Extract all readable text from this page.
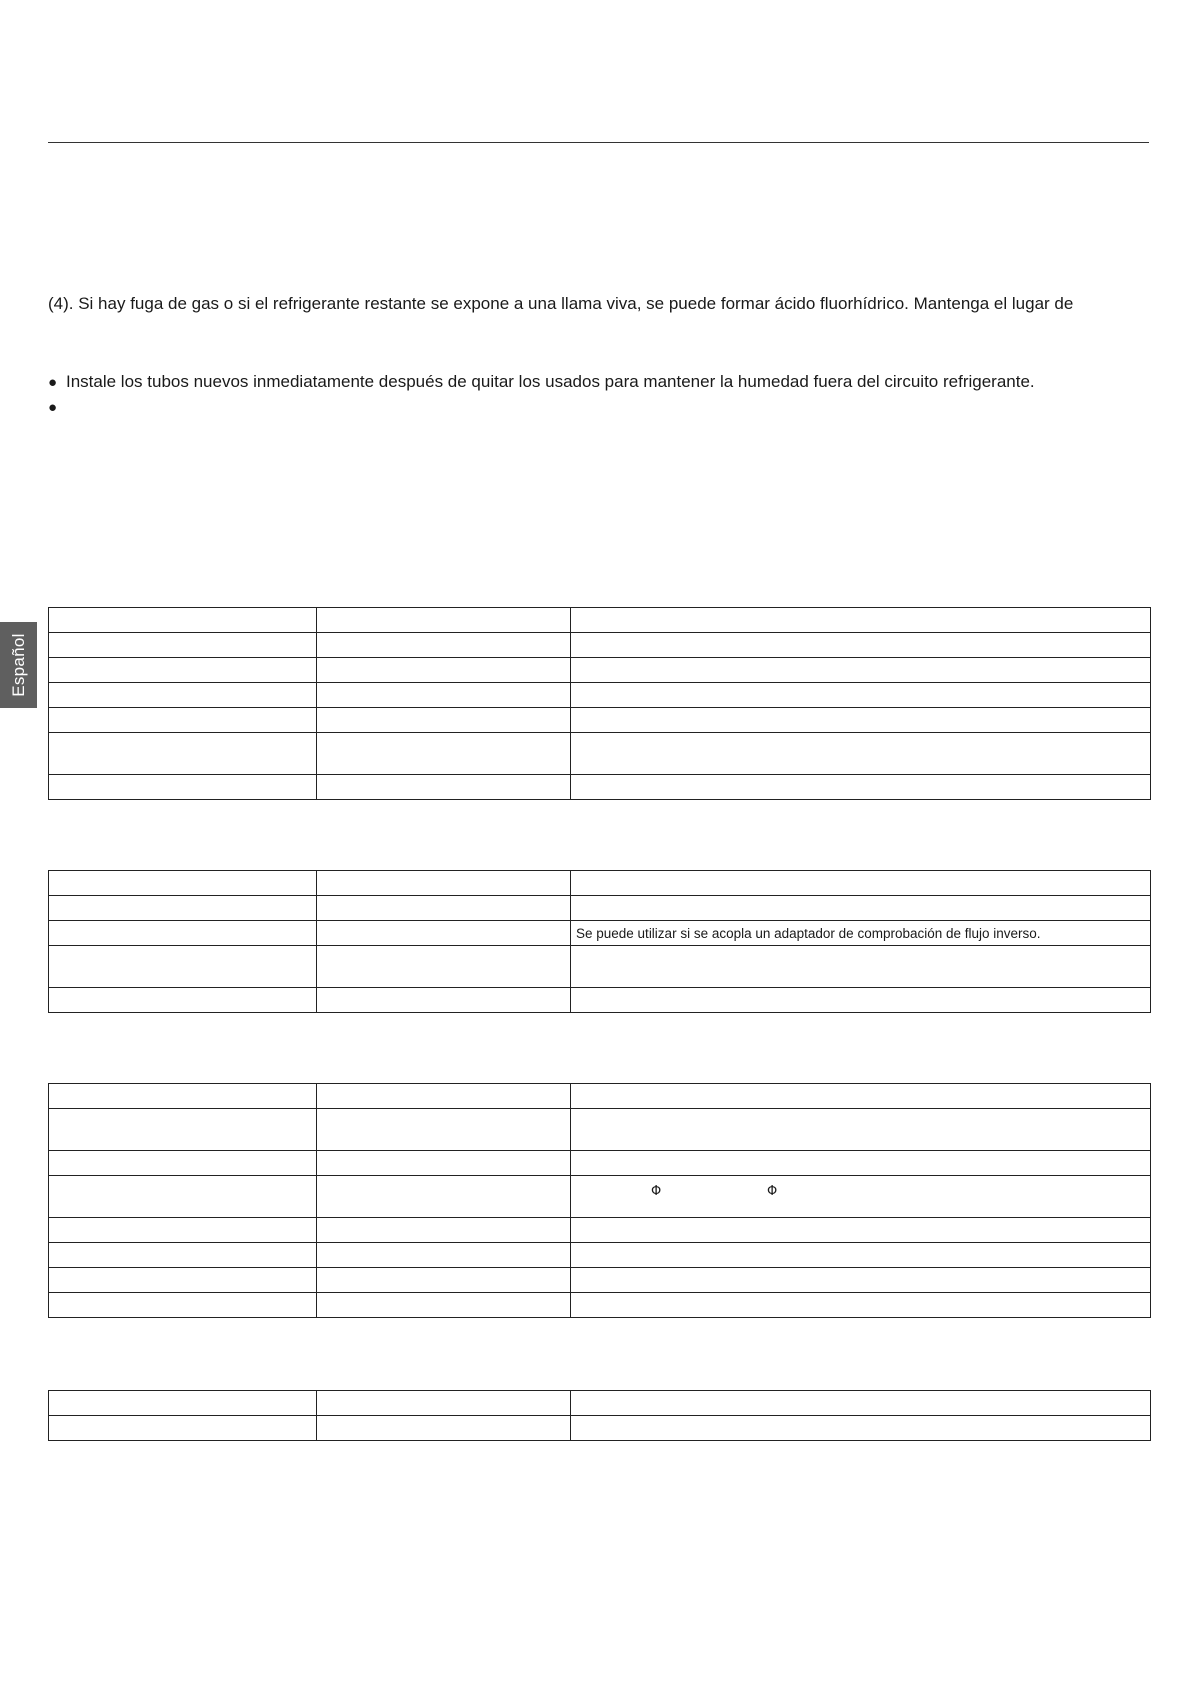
Español
(4). Si hay fuga de gas o si el refrigerante restante se expone a una llama viva, se puede formar ácido fluorhídrico. Mantenga el lugar de
● Instale los tubos nuevos inmediatamente después de quitar los usados para mantener la humedad fuera del circuito refrigerante.
●

		Se puede utilizar si se acopla un adaptador de comprobación de flujo inverso.

		Φ Φ
